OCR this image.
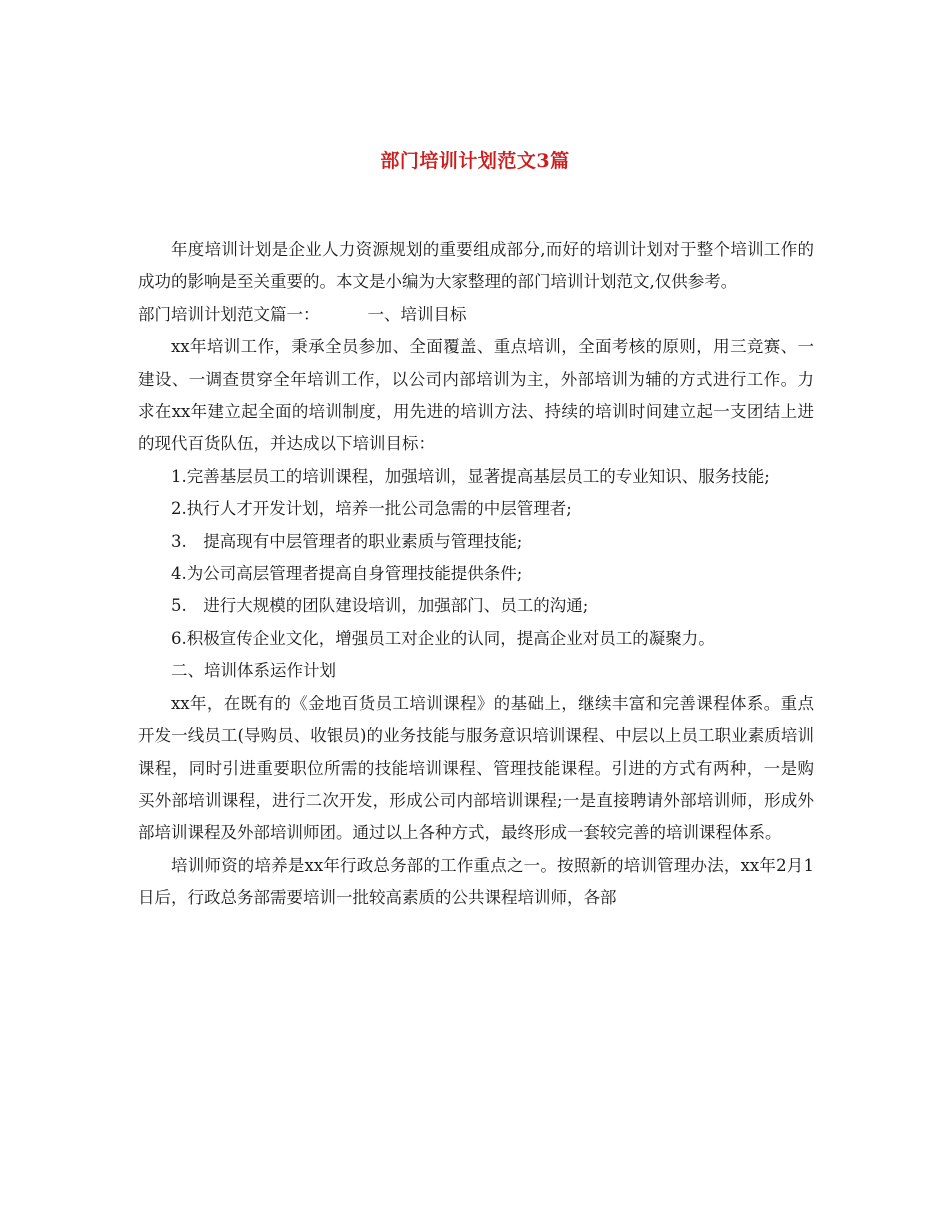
部门培训计划范文3篇

年度培训计划是企业人力资源规划的重要组成部分,而好的培训计划对于整个培训工作的成功的影响是至关重要的。本文是小编为大家整理的部门培训计划范文,仅供参考。

部门培训计划范文篇一：	一、培训目标

xx年培训工作，秉承全员参加、全面覆盖、重点培训，全面考核的原则，用三竞赛、一建设、一调查贯穿全年培训工作，以公司内部培训为主，外部培训为辅的方式进行工作。力求在xx年建立起全面的培训制度，用先进的培训方法、持续的培训时间建立起一支团结上进的现代百货队伍，并达成以下培训目标：

1.完善基层员工的培训课程，加强培训，显著提高基层员工的专业知识、服务技能;

2.执行人才开发计划，培养一批公司急需的中层管理者;

3.　提高现有中层管理者的职业素质与管理技能;

4.为公司高层管理者提高自身管理技能提供条件;

5.　进行大规模的团队建设培训，加强部门、员工的沟通;

6.积极宣传企业文化，增强员工对企业的认同，提高企业对员工的凝聚力。

二、培训体系运作计划

xx年，在既有的《金地百货员工培训课程》的基础上，继续丰富和完善课程体系。重点开发一线员工(导购员、收银员)的业务技能与服务意识培训课程、中层以上员工职业素质培训课程，同时引进重要职位所需的技能培训课程、管理技能课程。引进的方式有两种，一是购买外部培训课程，进行二次开发，形成公司内部培训课程;一是直接聘请外部培训师，形成外部培训课程及外部培训师团。通过以上各种方式，最终形成一套较完善的培训课程体系。

培训师资的培养是xx年行政总务部的工作重点之一。按照新的培训管理办法，xx年2月1日后，行政总务部需要培训一批较高素质的公共课程培训师，各部
